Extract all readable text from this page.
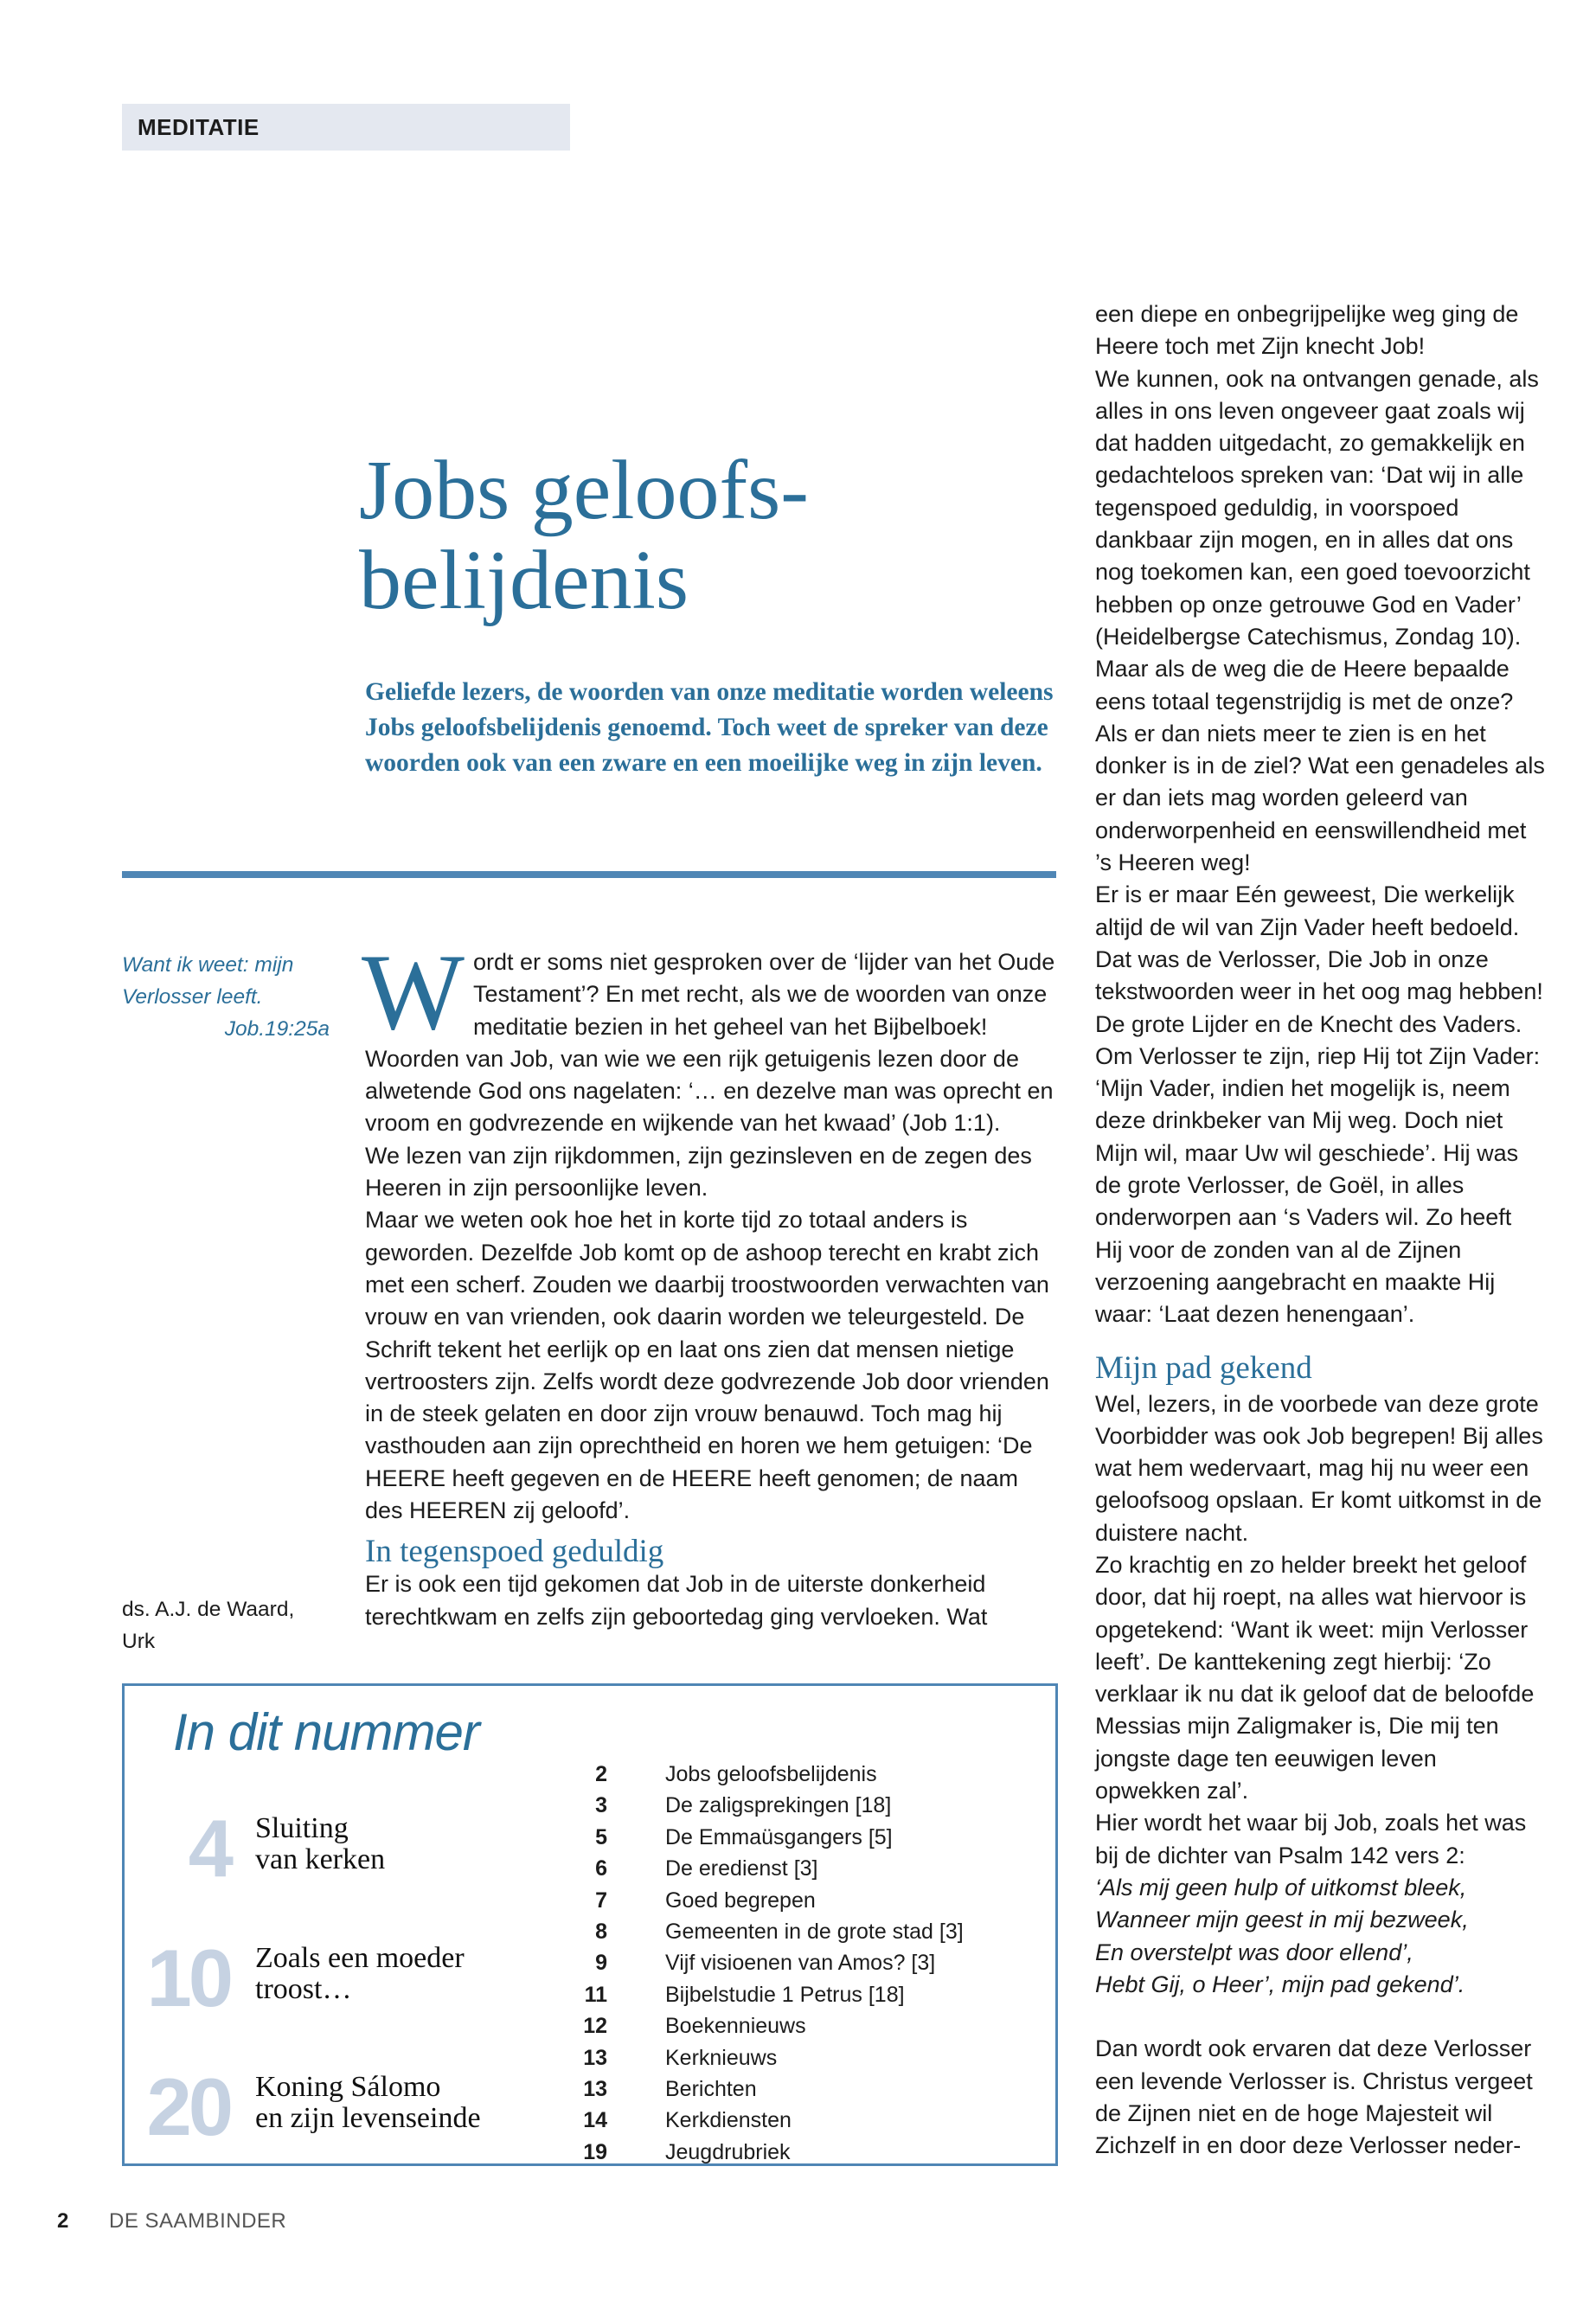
MEDITATIE
Jobs geloofs-
belijdenis

Geliefde lezers, de woorden van onze meditatie worden weleens Jobs geloofsbelijdenis genoemd. Toch weet de spreker van deze woorden ook van een zware en een moeilijke weg in zijn leven.

Want ik weet: mijn
Verlosser leeft.
Job.19:25a Wordt er soms niet gesproken over de ‘lijder van het Oude Testament’? En met recht, als we de woorden van onze meditatie bezien in het geheel van het Bijbelboek! Woorden van Job, van wie we een rijk getuigenis lezen door de alwetende God ons nagelaten: ‘… en dezelve man was oprecht en vroom en godvrezende en wijkende van het kwaad’ (Job 1:1).

We lezen van zijn rijkdommen, zijn gezinsleven en de zegen des Heeren in zijn persoonlijke leven.

Maar we weten ook hoe het in korte tijd zo totaal anders is geworden. Dezelfde Job komt op de ashoop terecht en krabt zich met een scherf. Zouden we daarbij troostwoorden verwachten van vrouw en van vrienden, ook daarin worden we teleurgesteld. De Schrift tekent het eerlijk op en laat ons zien dat mensen nietige vertroosters zijn. Zelfs wordt deze godvrezende Job door vrienden in de steek gelaten en door zijn vrouw benauwd. Toch mag hij vasthouden aan zijn oprechtheid en horen we hem getuigen: ‘De HEERE heeft gegeven en de HEERE heeft genomen; de naam des HEEREN zij geloofd’.

In tegenspoed geduldig

Er is ook een tijd gekomen dat Job in de uiterste donkerheid terechtkwam en zelfs zijn geboortedag ging vervloeken. Wat

ds. A.J. de Waard,
Urk

een diepe en onbegrijpelijke weg ging de Heere toch met Zijn knecht Job!

We kunnen, ook na ontvangen genade, als alles in ons leven ongeveer gaat zoals wij dat hadden uitgedacht, zo gemakkelijk en gedachteloos spreken van: ‘Dat wij in alle tegenspoed geduldig, in voorspoed dankbaar zijn mogen, en in alles dat ons nog toekomen kan, een goed toevoorzicht hebben op onze getrouwe God en Vader’ (Heidelbergse Catechismus, Zondag 10). Maar als de weg die de Heere bepaalde eens totaal tegenstrijdig is met de onze? Als er dan niets meer te zien is en het donker is in de ziel? Wat een genadeles als er dan iets mag worden geleerd van onderworpenheid en eenswillendheid met ’s Heeren weg!

Er is er maar Eén geweest, Die werkelijk altijd de wil van Zijn Vader heeft bedoeld. Dat was de Verlosser, Die Job in onze tekstwoorden weer in het oog mag hebben! De grote Lijder en de Knecht des Vaders. Om Verlosser te zijn, riep Hij tot Zijn Vader: ‘Mijn Vader, indien het mogelijk is, neem deze drinkbeker van Mij weg. Doch niet Mijn wil, maar Uw wil geschiede’. Hij was de grote Verlosser, de Goël, in alles onderworpen aan ‘s Vaders wil. Zo heeft Hij voor de zonden van al de Zijnen verzoening aangebracht en maakte Hij waar: ‘Laat dezen henengaan’.

Mijn pad gekend

Wel, lezers, in de voorbede van deze grote Voorbidder was ook Job begrepen! Bij alles wat hem wedervaart, mag hij nu weer een geloofsoog opslaan. Er komt uitkomst in de duistere nacht.

Zo krachtig en zo helder breekt het geloof door, dat hij roept, na alles wat hiervoor is opgetekend: ‘Want ik weet: mijn Verlosser leeft’. De kanttekening zegt hierbij: ‘Zo verklaar ik nu dat ik geloof dat de beloofde Messias mijn Zaligmaker is, Die mij ten jongste dage ten eeuwigen leven opwekken zal’.

Hier wordt het waar bij Job, zoals het was bij de dichter van Psalm 142 vers 2:

‘Als mij geen hulp of uitkomst bleek,
Wanneer mijn geest in mij bezweek,
En overstelpt was door ellend’,
Hebt Gij, o Heer’, mijn pad gekend’.

Dan wordt ook ervaren dat deze Verlosser een levende Verlosser is. Christus vergeet de Zijnen niet en de hoge Majesteit wil Zichzelf in en door deze Verlosser neder-

In dit nummer
4 Sluiting
van kerken
10 Zoals een moeder
troost…
20 Koning Sálomo
en zijn levenseinde
2	Jobs geloofsbelijdenis
3	De zaligsprekingen [18]
5	De Emmaüsgangers [5]
6	De eredienst [3]
7	Goed begrepen
8	Gemeenten in de grote stad [3]
9	Vijf visioenen van Amos? [3]
11	Bijbelstudie 1 Petrus [18]
12	Boekennieuws
13	Kerknieuws
13	Berichten
14	Kerkdiensten
19	Jeugdrubriek
2 DE SAAMBINDER
